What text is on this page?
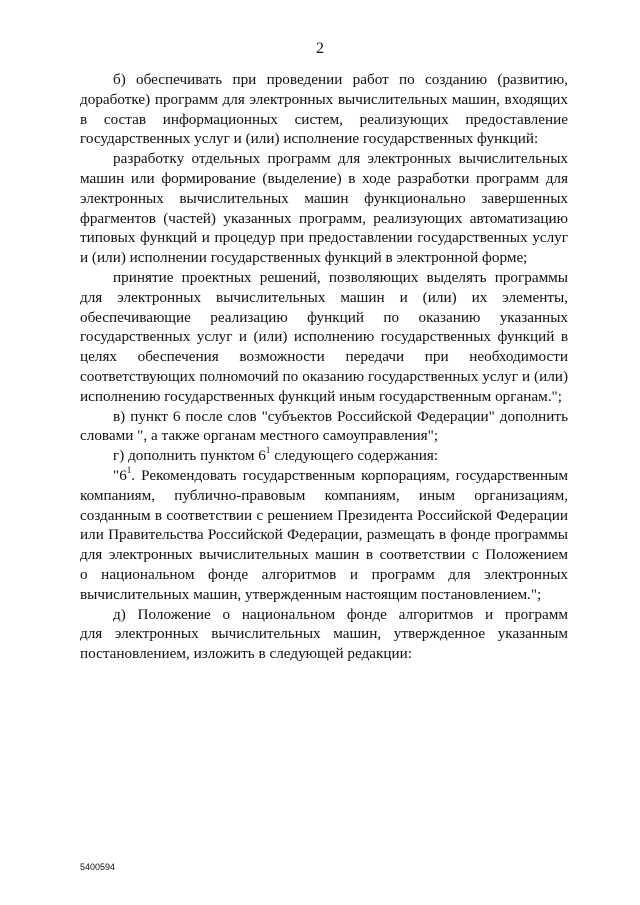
2
б) обеспечивать при проведении работ по созданию (развитию,
доработке) программ для электронных вычислительных машин, входящих
в состав информационных систем, реализующих предоставление
государственных услуг и (или) исполнение государственных функций:
разработку отдельных программ для электронных вычислительных
машин или формирование (выделение) в ходе разработки программ для
электронных вычислительных машин функционально завершенных
фрагментов (частей) указанных программ, реализующих автоматизацию
типовых функций и процедур при предоставлении государственных услуг
и (или) исполнении государственных функций в электронной форме;
принятие проектных решений, позволяющих выделять программы
для электронных вычислительных машин и (или) их элементы,
обеспечивающие реализацию функций по оказанию указанных
государственных услуг и (или) исполнению государственных функций в
целях обеспечения возможности передачи при необходимости
соответствующих полномочий по оказанию государственных услуг и (или)
исполнению государственных функций иным государственным органам.";
в) пункт 6 после слов "субъектов Российской Федерации" дополнить
словами ", а также органам местного самоуправления";
г) дополнить пунктом $6^1$ следующего содержания:
"$6^1$. Рекомендовать государственным корпорациям, государственным
компаниям, публично-правовым компаниям, иным организациям,
созданным в соответствии с решением Президента Российской Федерации
или Правительства Российской Федерации, размещать в фонде программы
для электронных вычислительных машин в соответствии с Положением
о национальном фонде алгоритмов и программ для электронных
вычислительных машин, утвержденным настоящим постановлением.";
д) Положение о национальном фонде алгоритмов и программ
для электронных вычислительных машин, утвержденное указанным
постановлением, изложить в следующей редакции:
5400594
